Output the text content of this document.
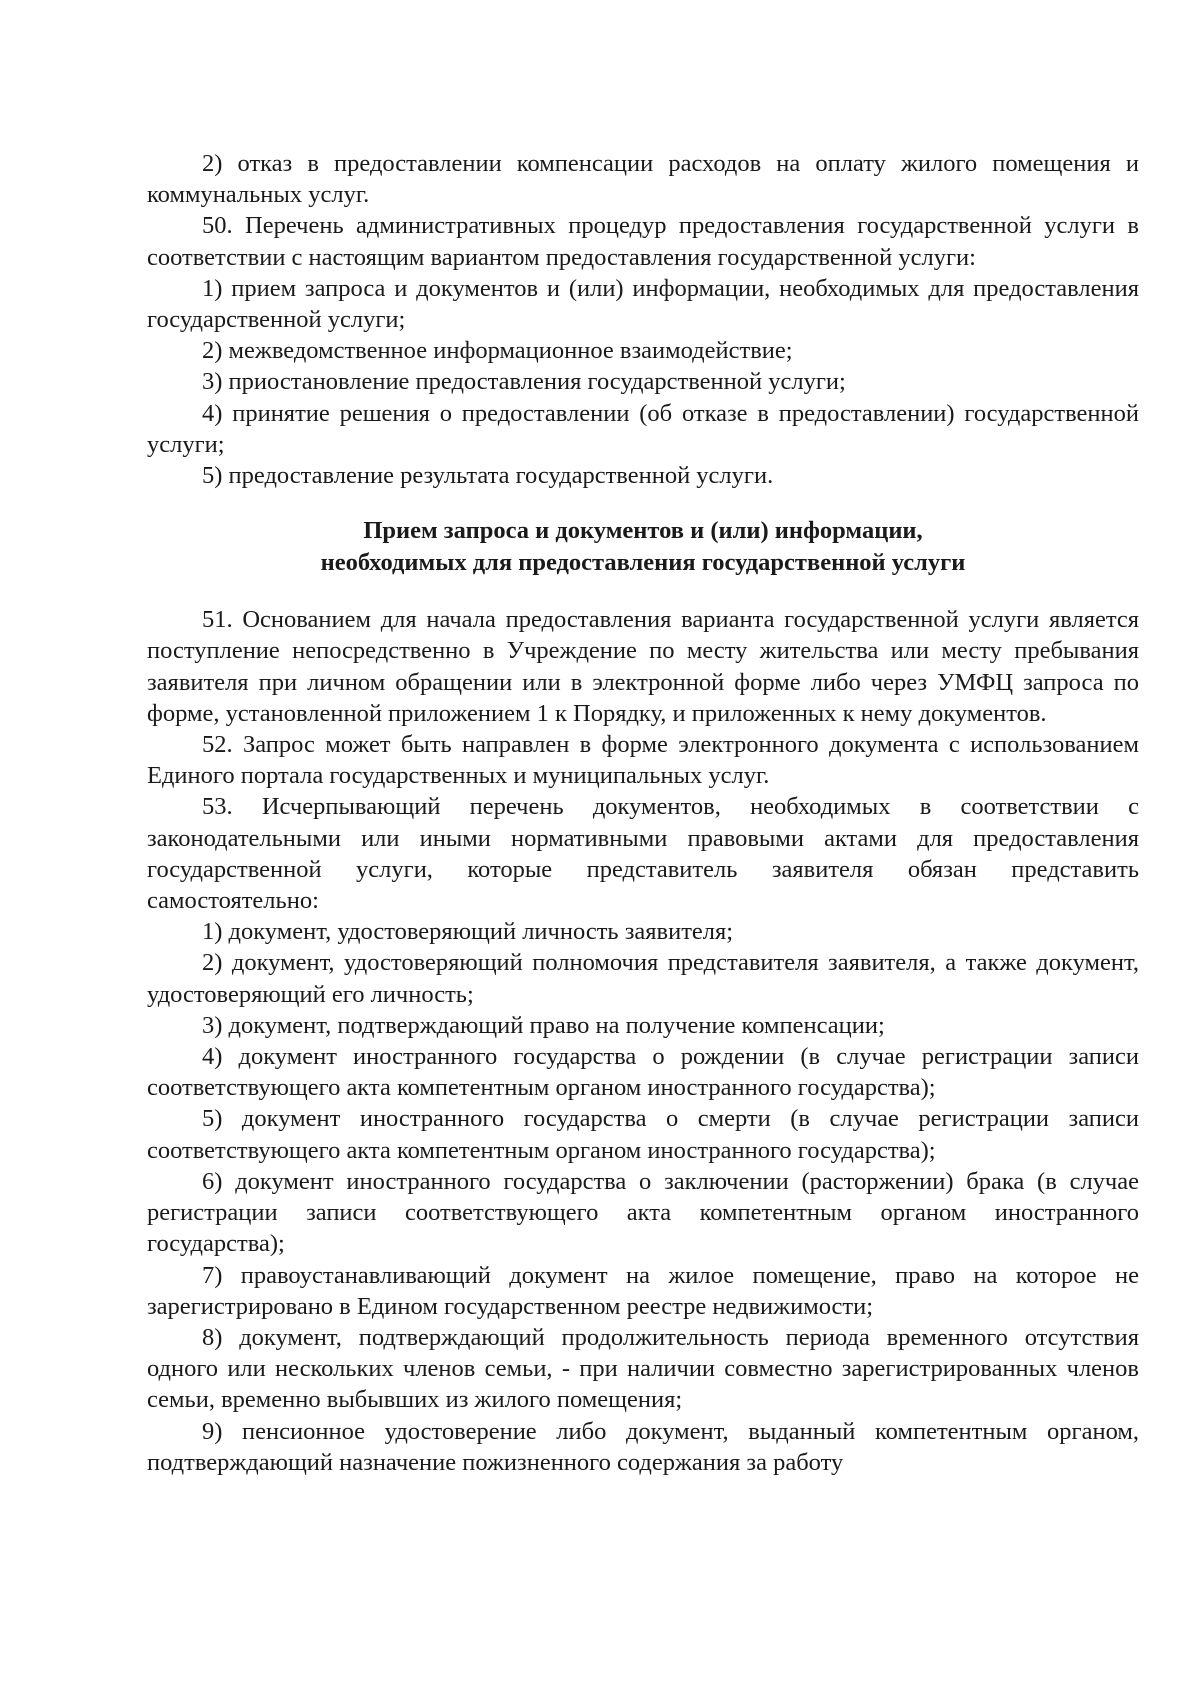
2) отказ в предоставлении компенсации расходов на оплату жилого помещения и коммунальных услуг.

50. Перечень административных процедур предоставления государственной услуги в соответствии с настоящим вариантом предоставления государственной услуги:

1) прием запроса и документов и (или) информации, необходимых для предоставления государственной услуги;

2) межведомственное информационное взаимодействие;

3) приостановление предоставления государственной услуги;

4) принятие решения о предоставлении (об отказе в предоставлении) государственной услуги;

5) предоставление результата государственной услуги.

Прием запроса и документов и (или) информации,
необходимых для предоставления государственной услуги

51. Основанием для начала предоставления варианта государственной услуги является поступление непосредственно в Учреждение по месту жительства или месту пребывания заявителя при личном обращении или в электронной форме либо через УМФЦ запроса по форме, установленной приложением 1 к Порядку, и приложенных к нему документов.

52. Запрос может быть направлен в форме электронного документа с использованием Единого портала государственных и муниципальных услуг.

53. Исчерпывающий перечень документов, необходимых в соответствии с законодательными или иными нормативными правовыми актами для предоставления государственной услуги, которые представитель заявителя обязан представить самостоятельно:

1) документ, удостоверяющий личность заявителя;

2) документ, удостоверяющий полномочия представителя заявителя, а также документ, удостоверяющий его личность;

3) документ, подтверждающий право на получение компенсации;

4) документ иностранного государства о рождении (в случае регистрации записи соответствующего акта компетентным органом иностранного государства);

5) документ иностранного государства о смерти (в случае регистрации записи соответствующего акта компетентным органом иностранного государства);

6) документ иностранного государства о заключении (расторжении) брака (в случае регистрации записи соответствующего акта компетентным органом иностранного государства);

7) правоустанавливающий документ на жилое помещение, право на которое не зарегистрировано в Едином государственном реестре недвижимости;

8) документ, подтверждающий продолжительность периода временного отсутствия одного или нескольких членов семьи, - при наличии совместно зарегистрированных членов семьи, временно выбывших из жилого помещения;

9) пенсионное удостоверение либо документ, выданный компетентным органом, подтверждающий назначение пожизненного содержания за работу
